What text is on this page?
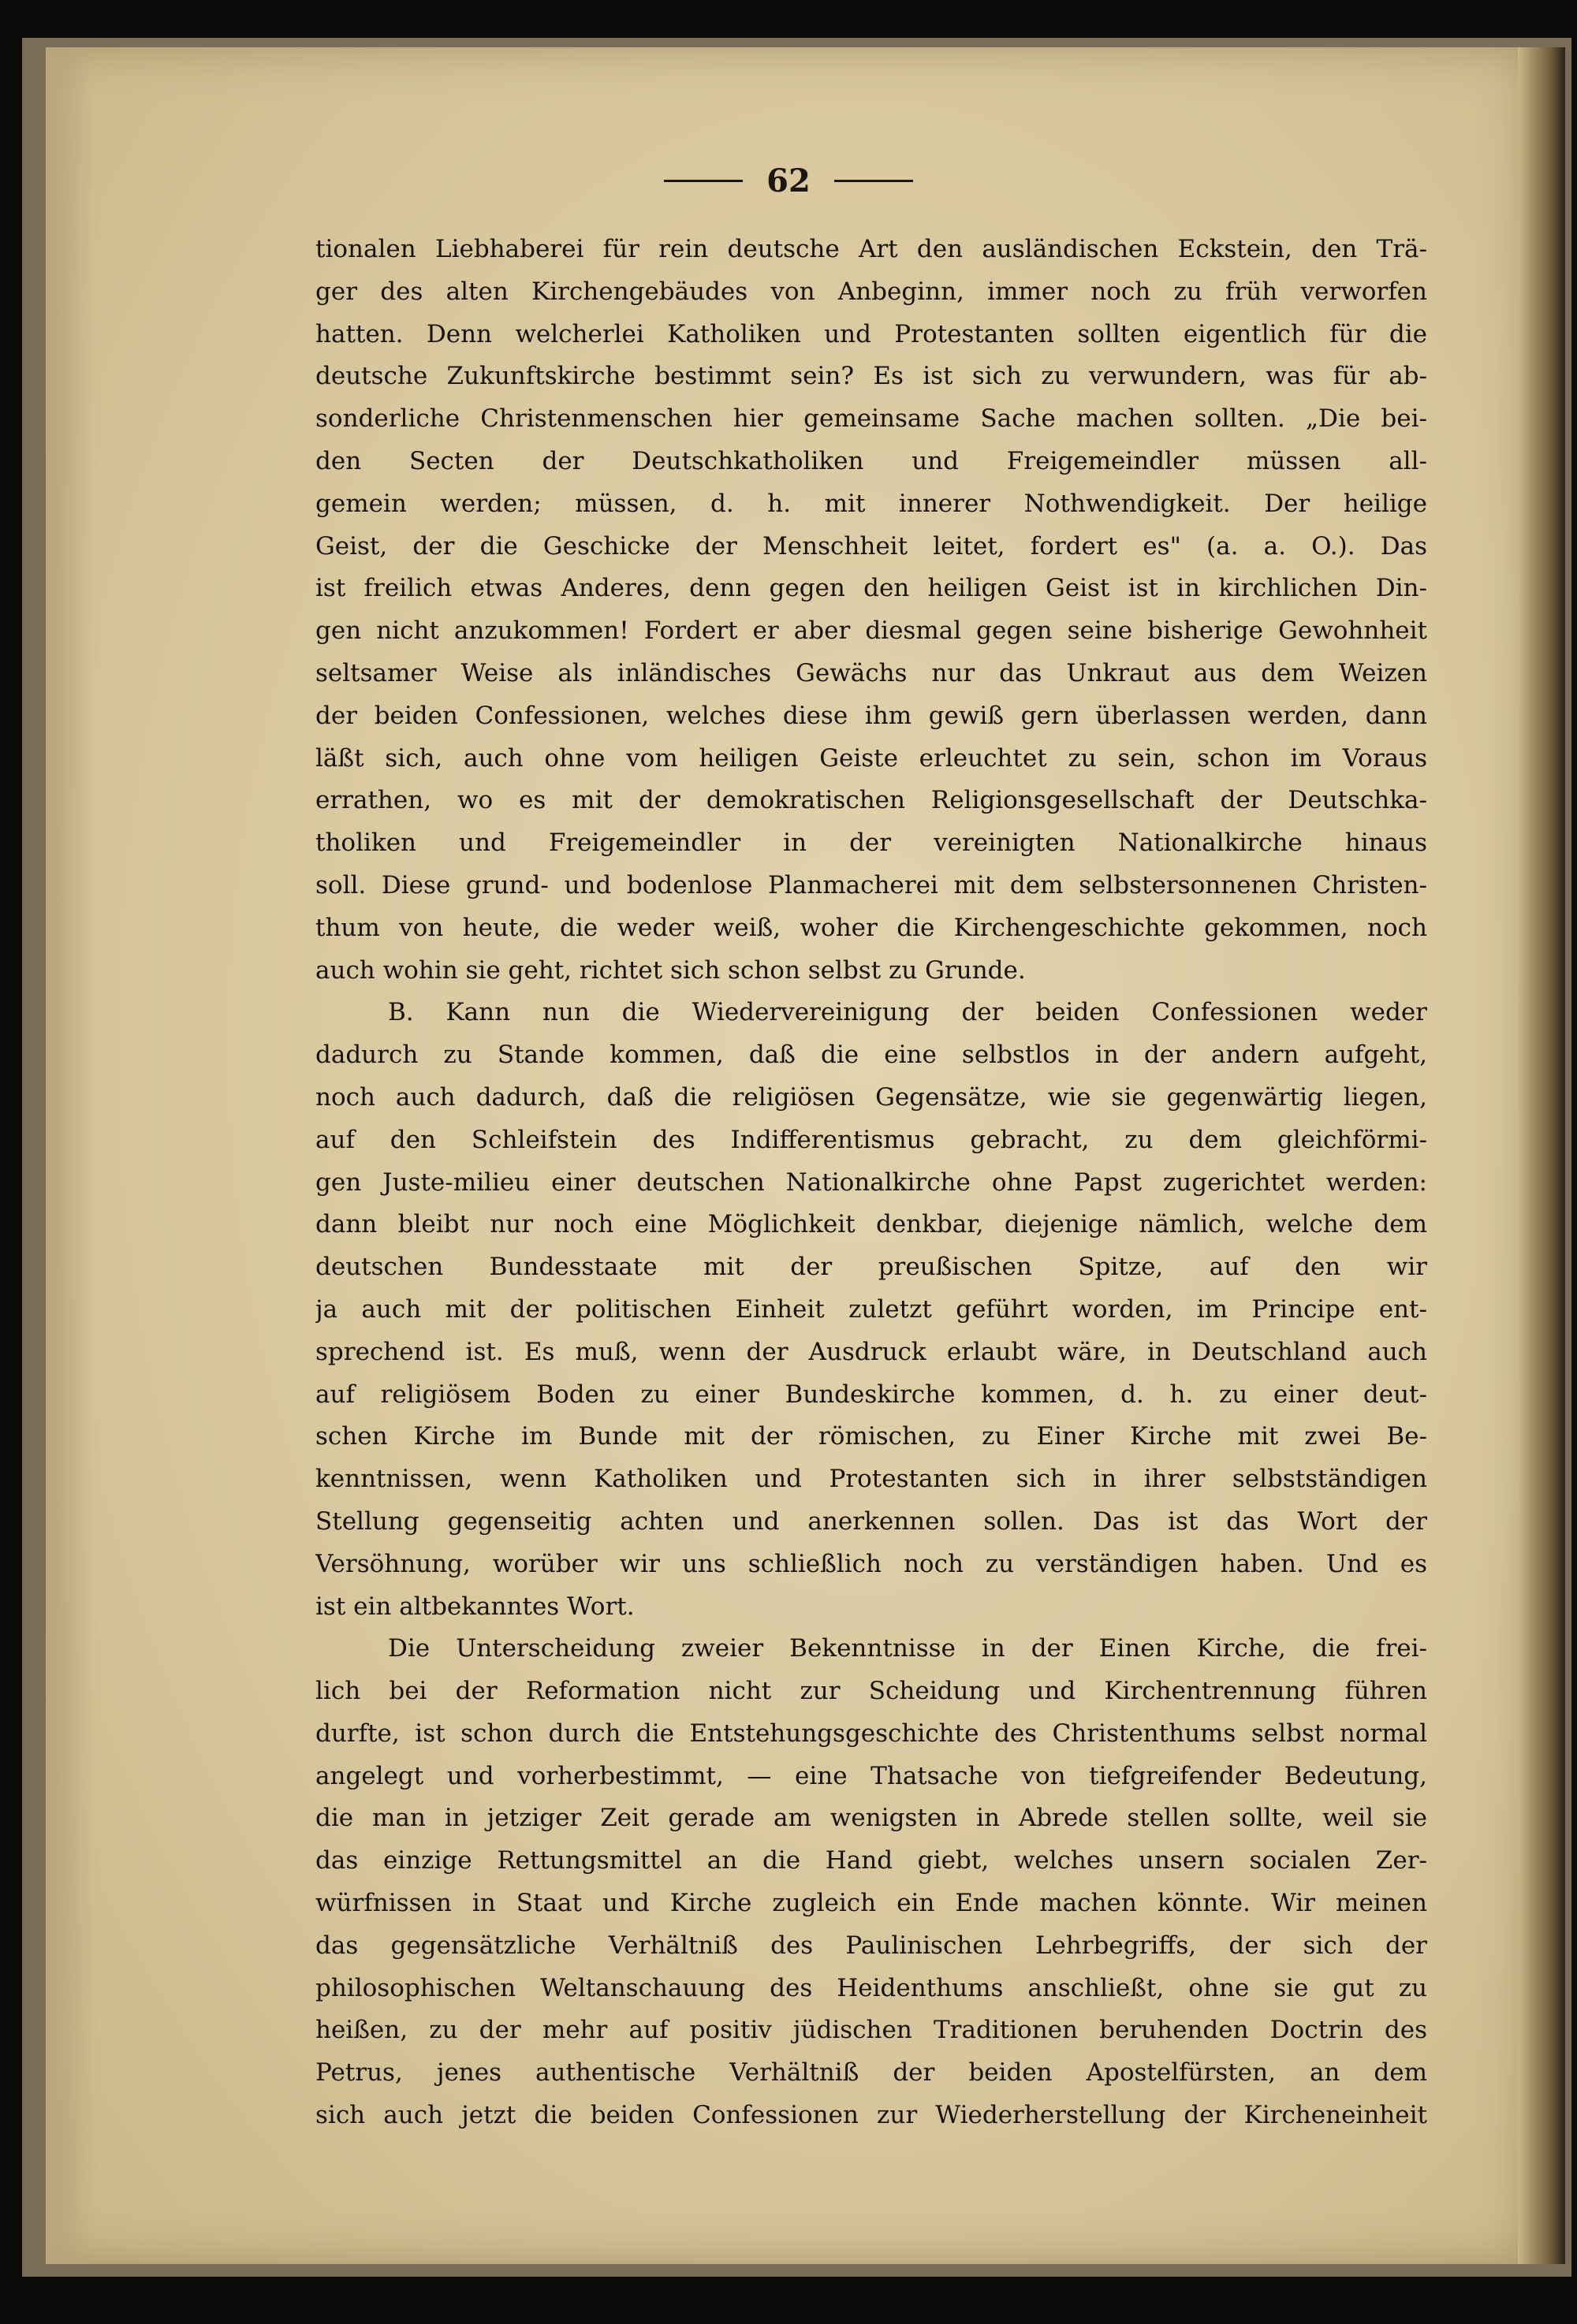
62
tionalen Liebhaberei für rein deutsche Art den ausländischen Eckstein, den Trä-
ger des alten Kirchengebäudes von Anbeginn, immer noch zu früh verworfen
hatten. Denn welcherlei Katholiken und Protestanten sollten eigentlich für die
deutsche Zukunftskirche bestimmt sein? Es ist sich zu verwundern, was für ab-
sonderliche Christenmenschen hier gemeinsame Sache machen sollten. „Die bei-
den Secten der Deutschkatholiken und Freigemeindler müssen all-
gemein werden; müssen, d. h. mit innerer Nothwendigkeit. Der heilige
Geist, der die Geschicke der Menschheit leitet, fordert es" (a. a. O.). Das
ist freilich etwas Anderes, denn gegen den heiligen Geist ist in kirchlichen Din-
gen nicht anzukommen! Fordert er aber diesmal gegen seine bisherige Gewohnheit
seltsamer Weise als inländisches Gewächs nur das Unkraut aus dem Weizen
der beiden Confessionen, welches diese ihm gewiß gern überlassen werden, dann
läßt sich, auch ohne vom heiligen Geiste erleuchtet zu sein, schon im Voraus
errathen, wo es mit der demokratischen Religionsgesellschaft der Deutschka-
tholiken und Freigemeindler in der vereinigten Nationalkirche hinaus
soll. Diese grund- und bodenlose Planmacherei mit dem selbstersonnenen Christen-
thum von heute, die weder weiß, woher die Kirchengeschichte gekommen, noch
auch wohin sie geht, richtet sich schon selbst zu Grunde.
B. Kann nun die Wiedervereinigung der beiden Confessionen weder
dadurch zu Stande kommen, daß die eine selbstlos in der andern aufgeht,
noch auch dadurch, daß die religiösen Gegensätze, wie sie gegenwärtig liegen,
auf den Schleifstein des Indifferentismus gebracht, zu dem gleichförmi-
gen Juste-milieu einer deutschen Nationalkirche ohne Papst zugerichtet werden:
dann bleibt nur noch eine Möglichkeit denkbar, diejenige nämlich, welche dem
deutschen Bundesstaate mit der preußischen Spitze, auf den wir
ja auch mit der politischen Einheit zuletzt geführt worden, im Principe ent-
sprechend ist. Es muß, wenn der Ausdruck erlaubt wäre, in Deutschland auch
auf religiösem Boden zu einer Bundeskirche kommen, d. h. zu einer deut-
schen Kirche im Bunde mit der römischen, zu Einer Kirche mit zwei Be-
kenntnissen, wenn Katholiken und Protestanten sich in ihrer selbstständigen
Stellung gegenseitig achten und anerkennen sollen. Das ist das Wort der
Versöhnung, worüber wir uns schließlich noch zu verständigen haben. Und es
ist ein altbekanntes Wort.
Die Unterscheidung zweier Bekenntnisse in der Einen Kirche, die frei-
lich bei der Reformation nicht zur Scheidung und Kirchentrennung führen
durfte, ist schon durch die Entstehungsgeschichte des Christenthums selbst normal
angelegt und vorherbestimmt, — eine Thatsache von tiefgreifender Bedeutung,
die man in jetziger Zeit gerade am wenigsten in Abrede stellen sollte, weil sie
das einzige Rettungsmittel an die Hand giebt, welches unsern socialen Zer-
würfnissen in Staat und Kirche zugleich ein Ende machen könnte. Wir meinen
das gegensätzliche Verhältniß des Paulinischen Lehrbegriffs, der sich der
philosophischen Weltanschauung des Heidenthums anschließt, ohne sie gut zu
heißen, zu der mehr auf positiv jüdischen Traditionen beruhenden Doctrin des
Petrus, jenes authentische Verhältniß der beiden Apostelfürsten, an dem
sich auch jetzt die beiden Confessionen zur Wiederherstellung der Kircheneinheit
